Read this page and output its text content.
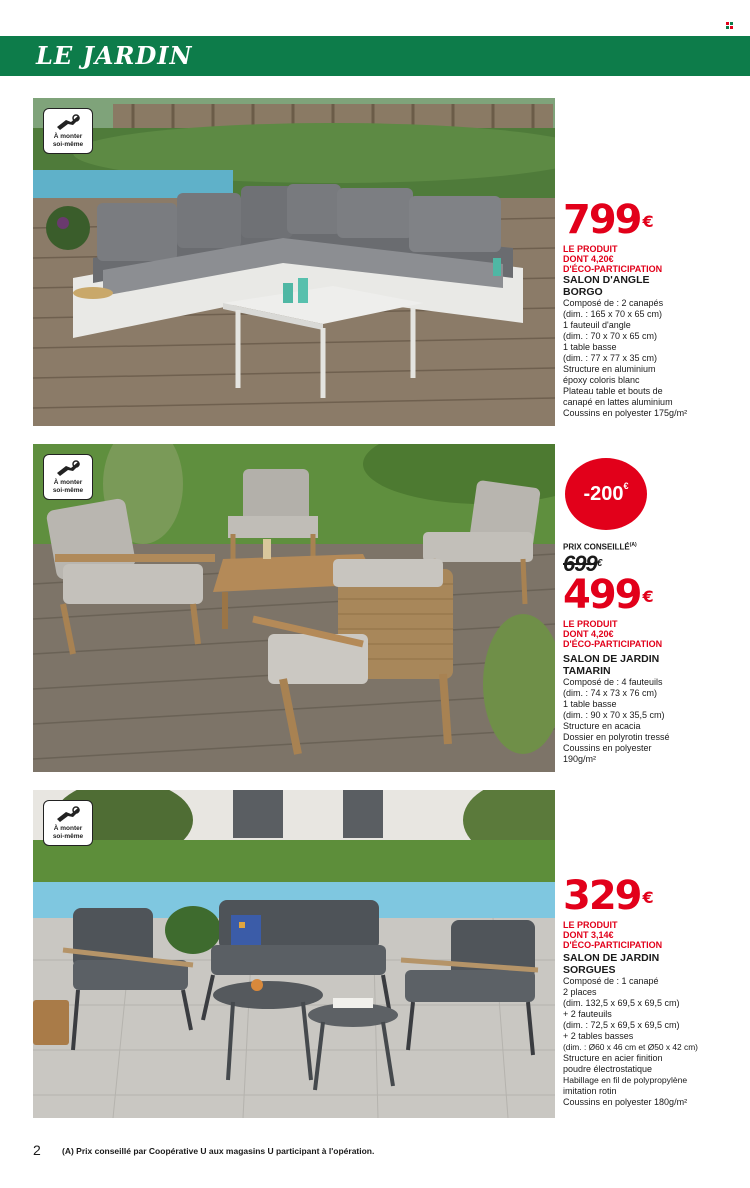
LE JARDIN
À monter
soi-même
799 €
LE PRODUIT
DONT 4,20€
D'ÉCO-PARTICIPATION
SALON D'ANGLE
BORGO
Composé de : 2 canapés
(dim. : 165 x 70 x 65 cm)
1 fauteuil d'angle
(dim. : 70 x 70 x 65 cm)
1 table basse
(dim. : 77 x 77 x 35 cm)
Structure en aluminium
époxy coloris blanc
Plateau table et bouts de
canapé en lattes aluminium
Coussins en polyester 175g/m²
À monter
soi-même	-200€
PRIX $CONSEILLÉ^{(A)}$
699€
499 €
LE PRODUIT
DONT 4,20€
D'ÉCO-PARTICIPATION
SALON DE JARDIN
TAMARIN
Composé de : 4 fauteuils
(dim. : 74 x 73 x 76 cm)
1 table basse
(dim. : 90 x 70 x 35,5 cm)
Structure en acacia
Dossier en polyrotin tressé
Coussins en polyester
190g/m²
À monter
soi-même
329 €
LE PRODUIT
DONT 3,14€
D'ÉCO-PARTICIPATION
SALON DE JARDIN
SORGUES
Composé de : 1 canapé
2 places
(dim. 132,5 x 69,5 x 69,5 cm)
+ 2 fauteuils
(dim. : 72,5 x 69,5 x 69,5 cm)
+ 2 tables basses
(dim. : Ø60 x 46 cm et Ø50 x 42 cm)
Structure en acier finition
poudre électrostatique
Habillage en fil de polypropylène
imitation rotin
Coussins en polyester 180g/m²
2 (A) Prix conseillé par Coopérative U aux magasins U participant à l'opération.
